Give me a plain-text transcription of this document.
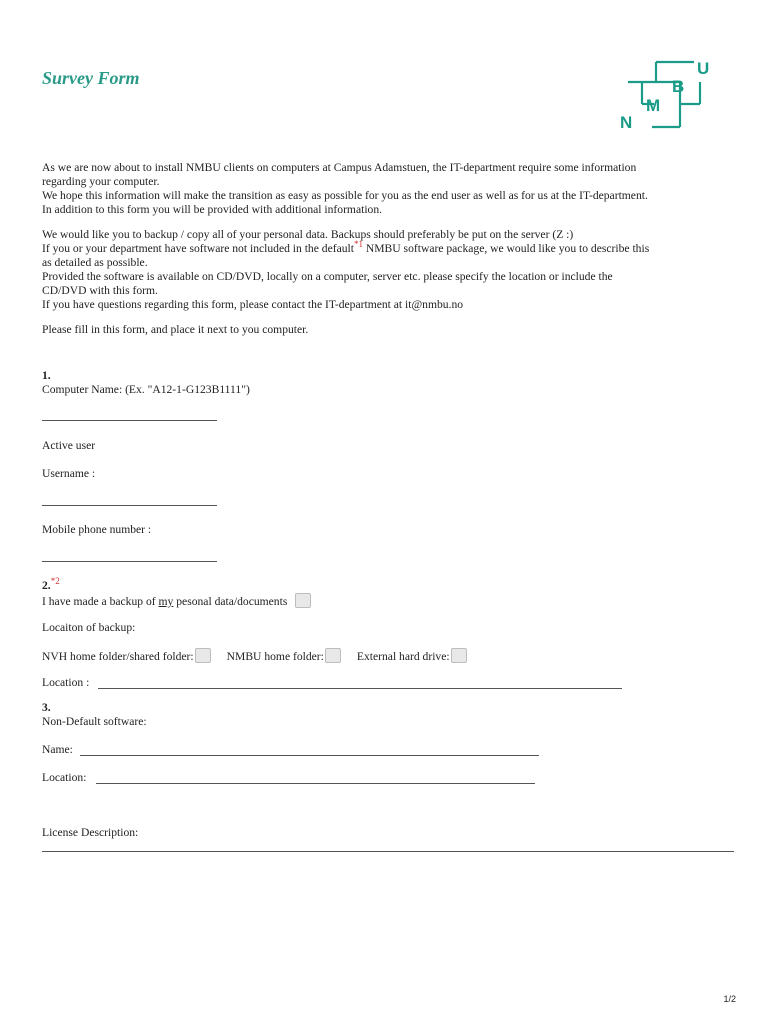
Survey Form
N
M
B
U

As we are now about to install NMBU clients on computers at Campus Adamstuen, the IT-department require some information
regarding your computer.
We hope this information will make the transition as easy as possible for you as the end user as well as for us at the IT-department.
In addition to this form you will be provided with additional information.

We would like you to backup / copy all of your personal data. Backups should preferably be put on the server (Z :)
If you or your department have software not included in the default$^{*1}$ NMBU software package, we would like you to describe this
as detailed as possible.
Provided the software is available on CD/DVD, locally on a computer, server etc. please specify the location or include the
CD/DVD with this form.
If you have questions regarding this form, please contact the IT-department at it@nmbu.no

Please fill in this form, and place it next to you computer.

1.
Computer Name: (Ex. "A12-1-G123B1111")
Active user
Username :
Mobile phone number :
2.$^{*2}$
I have made a backup of my pesonal data/documents
Locaiton of backup:
NVH home folder/shared folder:	NMBU home folder:	External hard drive:
Location :
3.
Non-Default software:
Name:
Location:
License Description:
1/2
